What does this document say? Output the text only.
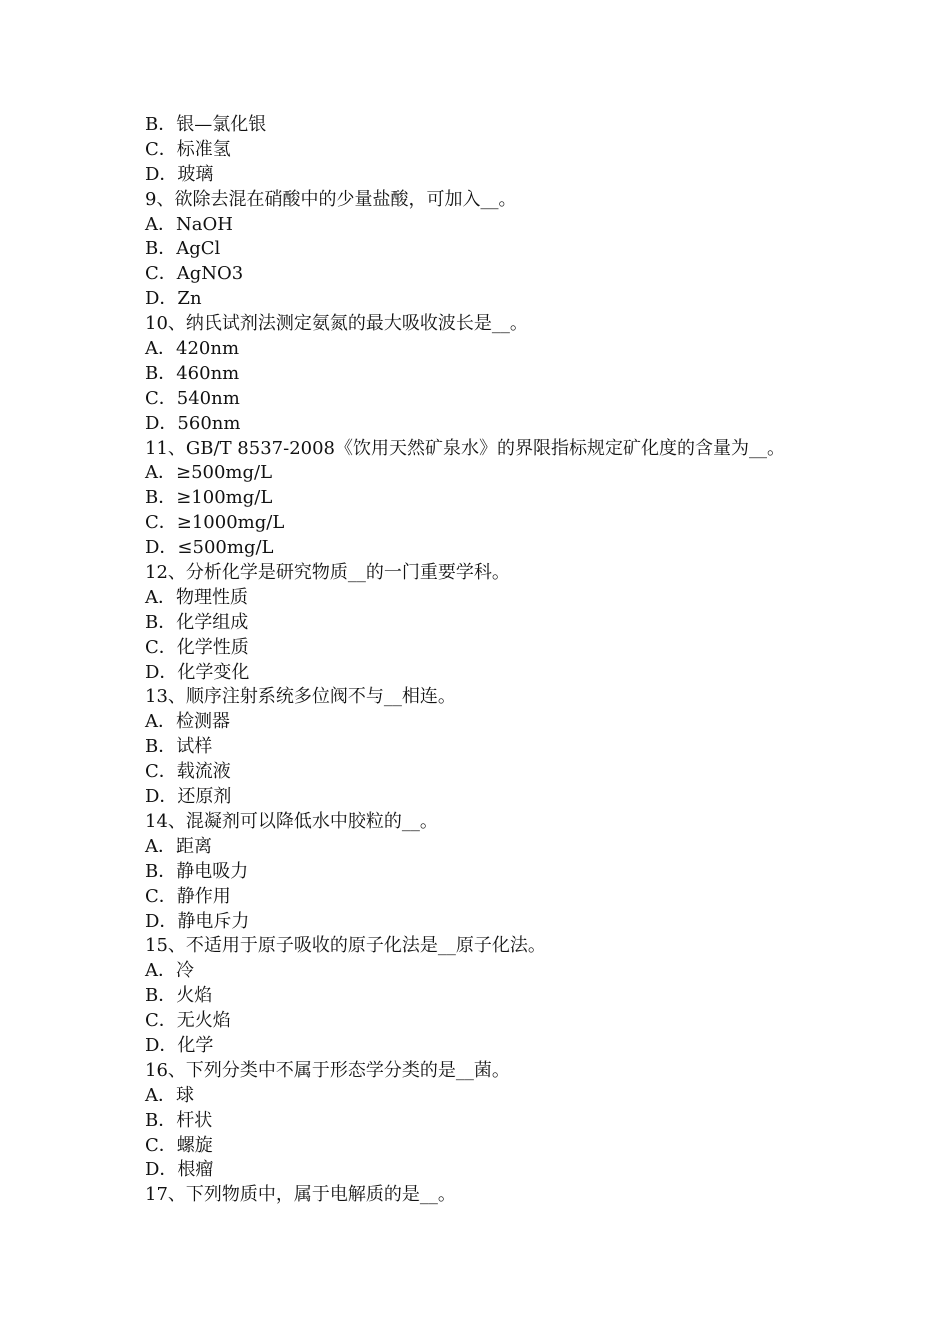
B．银—氯化银

C．标准氢

D．玻璃

9、欲除去混在硝酸中的少量盐酸，可加入__。

A．NaOH

B．AgCl

C．AgNO3

D．Zn

10、纳氏试剂法测定氨氮的最大吸收波长是__。

A．420nm

B．460nm

C．540nm

D．560nm

11、GB/T 8537-2008《饮用天然矿泉水》的界限指标规定矿化度的含量为__。

A．≥500mg/L

B．≥100mg/L

C．≥1000mg/L

D．≤500mg/L

12、分析化学是研究物质__的一门重要学科。

A．物理性质

B．化学组成

C．化学性质

D．化学变化

13、顺序注射系统多位阀不与__相连。

A．检测器

B．试样

C．载流液

D．还原剂

14、混凝剂可以降低水中胶粒的__。

A．距离

B．静电吸力

C．静作用

D．静电斥力

15、不适用于原子吸收的原子化法是__原子化法。

A．冷

B．火焰

C．无火焰

D．化学

16、下列分类中不属于形态学分类的是__菌。

A．球

B．杆状

C．螺旋

D．根瘤

17、下列物质中，属于电解质的是__。
